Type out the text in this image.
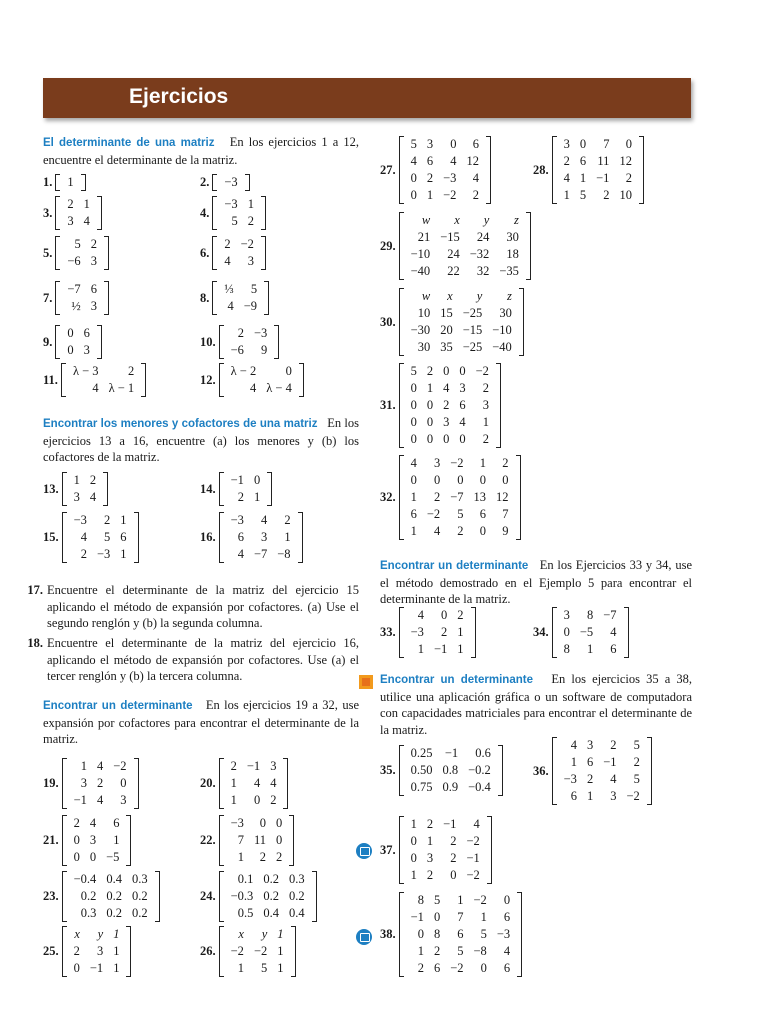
Ejercicios

El determinante de una matriz En los ejercicios 1 a 12, encuentre el determinante de la matriz.

Encontrar los menores y cofactores de una matriz En los ejercicios 13 a 16, encuentre (a) los menores y (b) los cofactores de la matriz.

17. Encuentre el determinante de la matriz del ejercicio 15 aplicando el método de expansión por cofactores. (a) Use el segundo renglón y (b) la segunda columna.
18. Encuentre el determinante de la matriz del ejercicio 16, aplicando el método de expansión por cofactores. Use (a) el tercer renglón y (b) la tercera columna.

Encontrar un determinante En los ejercicios 19 a 32, use expansión por cofactores para encontrar el determinante de la matriz.

Encontrar un determinante En los Ejercicios 33 y 34, use el método demostrado en el Ejemplo 5 para encontrar el determinante de la matriz.

Encontrar un determinante En los ejercicios 35 a 38, utilice una aplicación gráfica o un software de computadora con capacidades matriciales para encontrar el determinante de la matriz.

1. 1	2. −3
3.
2	1
3	4
4.
−3	1
5	2
5.
5	2
−6	3
6.
2	−2
4	3
7.
−7	6
½	3
8.
⅓	5
4	−9
9.
0	6
0	3
10.
2	−3
−6	9
11.
λ − 3	2
4	λ − 1
12.
λ − 2	0
4	λ − 4
13.
1	2
3	4
14.
−1	0
2	1
15.
−3	2	1
4	5	6
2	−3	1
16.
−3	4	2
6	3	1
4	−7	−8
19.
1	4	−2
3	2	0
−1	4	3
20.
2	−1	3
1	4	4
1	0	2
21.
2	4	6
0	3	1
0	0	−5
22.
−3	0	0
7	11	0
1	2	2
23.
−0.4	0.4	0.3
0.2	0.2	0.2
0.3	0.2	0.2
24.
0.1	0.2	0.3
−0.3	0.2	0.2
0.5	0.4	0.4
25.
x	y	1
2	3	1
0	−1	1
26.
x	y	1
−2	−2	1
1	5	1
27.
5	3	0	6
4	6	4	12
0	2	−3	4
0	1	−2	2
28.
3	0	7	0
2	6	11	12
4	1	−1	2
1	5	2	10
29.
w	x	y	z
21	−15	24	30
−10	24	−32	18
−40	22	32	−35
30.
w	x	y	z
10	15	−25	30
−30	20	−15	−10
30	35	−25	−40
31.
5	2	0	0	−2
0	1	4	3	2
0	0	2	6	3
0	0	3	4	1
0	0	0	0	2
32.
4	3	−2	1	2
0	0	0	0	0
1	2	−7	13	12
6	−2	5	6	7
1	4	2	0	9
33.
4	0	2
−3	2	1
1	−1	1
34.
3	8	−7
0	−5	4
8	1	6
35.
0.25	−1	0.6
0.50	0.8	−0.2
0.75	0.9	−0.4
36.
4	3	2	5
1	6	−1	2
−3	2	4	5
6	1	3	−2
37.
1	2	−1	4
0	1	2	−2
0	3	2	−1
1	2	0	−2
38.
8	5	1	−2	0
−1	0	7	1	6
0	8	6	5	−3
1	2	5	−8	4
2	6	−2	0	6
